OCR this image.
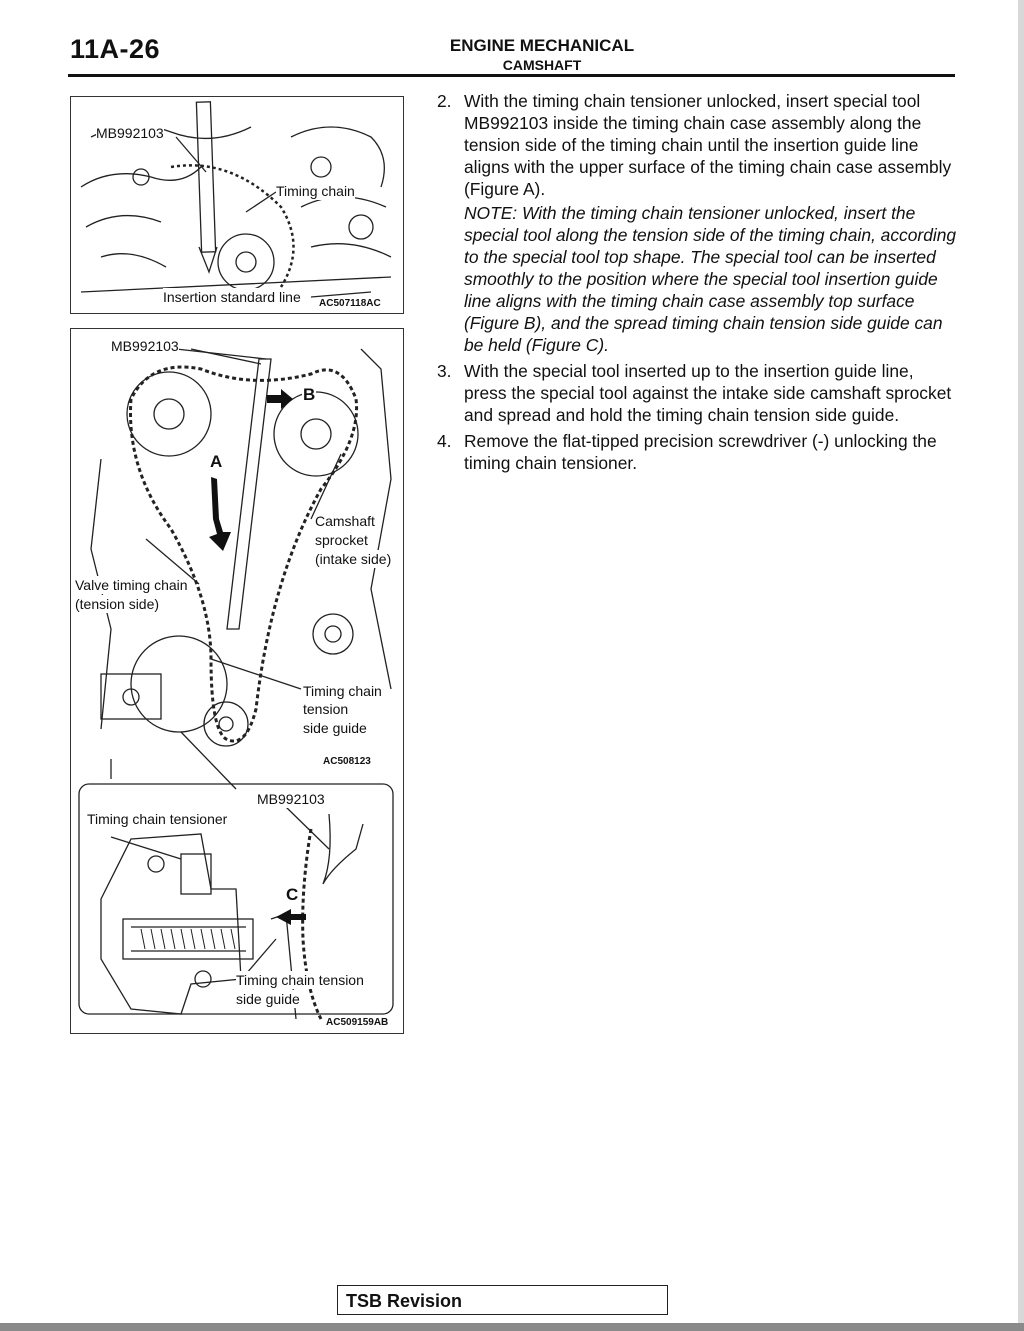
11A-26	ENGINE MECHANICAL
CAMSHAFT
MB992103
Timing chain
Insertion standard line AC507118AC
MB992103
A
B
Camshaft
sprocket
(intake side)
Valve timing chain
(tension side)
Timing chain
tension
side guide
AC508123
MB992103
Timing chain tensioner
C
Timing chain tension
side guide
AC509159AB
2. With the timing chain tensioner unlocked, insert special tool MB992103 inside the timing chain case assembly along the tension side of the timing chain until the insertion guide line aligns with the upper surface of the timing chain case assembly (Figure A).
NOTE: With the timing chain tensioner unlocked, insert the special tool along the tension side of the timing chain, according to the special tool top shape. The special tool can be inserted smoothly to the position where the special tool insertion guide line aligns with the timing chain case assembly top surface (Figure B), and the spread timing chain tension side guide can be held (Figure C).
3. With the special tool inserted up to the insertion guide line, press the special tool against the intake side camshaft sprocket and spread and hold the timing chain tension side guide.
4. Remove the flat-tipped precision screwdriver (-) unlocking the timing chain tensioner.
TSB Revision
